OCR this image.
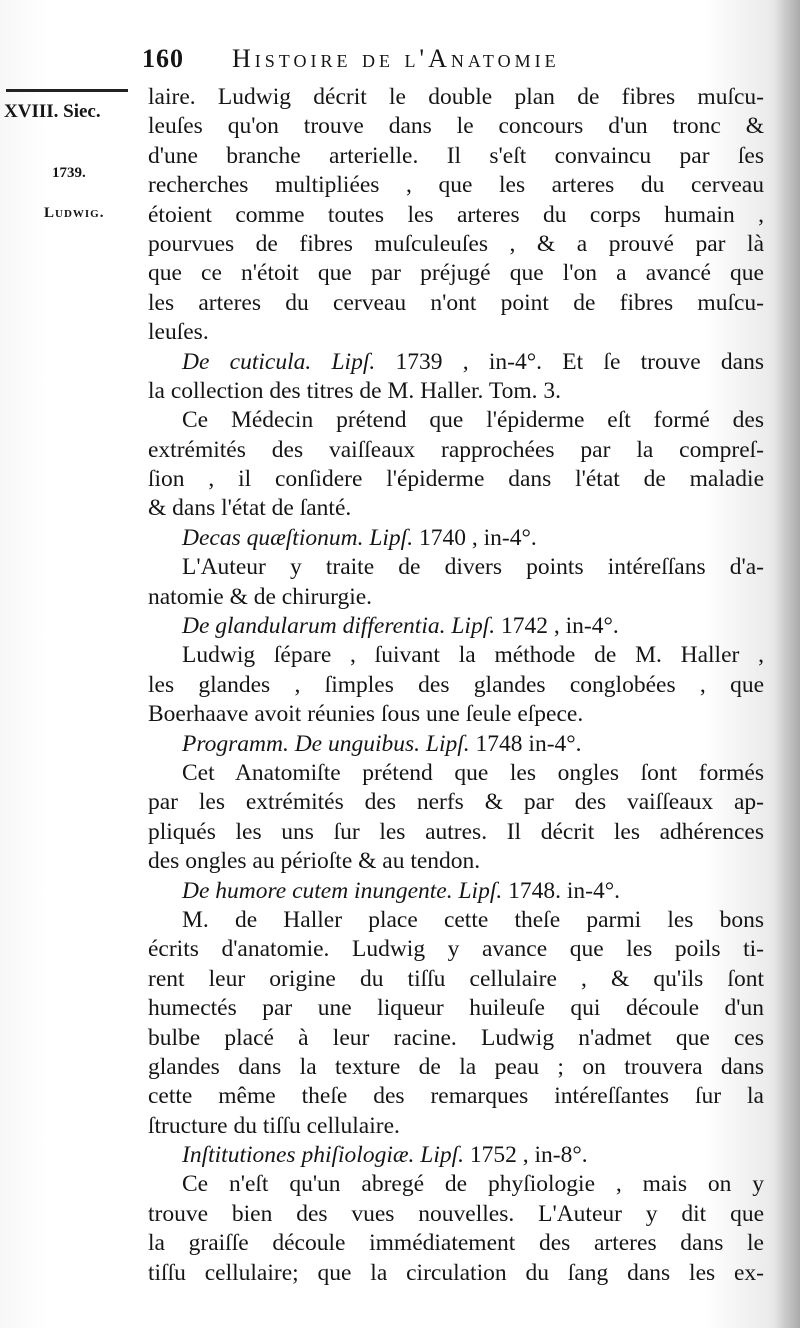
160 Histoire de l'Anatomie
XVIII. Siec.
1739.
Ludwig.
laire. Ludwig décrit le double plan de fibres muſcu-
leuſes qu'on trouve dans le concours d'un tronc &
d'une branche arterielle. Il s'eſt convaincu par ſes
recherches multipliées , que les arteres du cerveau
étoient comme toutes les arteres du corps humain ,
pourvues de fibres muſculeuſes , & a prouvé par là
que ce n'étoit que par préjugé que l'on a avancé que
les arteres du cerveau n'ont point de fibres muſcu-
leuſes.
De cuticula. Lipſ. 1739 , in-4°. Et ſe trouve dans
la collection des titres de M. Haller. Tom. 3.
Ce Médecin prétend que l'épiderme eſt formé des
extrémités des vaiſſeaux rapprochées par la compreſ-
ſion , il conſidere l'épiderme dans l'état de maladie
& dans l'état de ſanté.
Decas quæſtionum. Lipſ. 1740 , in-4°.
L'Auteur y traite de divers points intéreſſans d'a-
natomie & de chirurgie.
De glandularum differentia. Lipſ. 1742 , in-4°.
Ludwig ſépare , ſuivant la méthode de M. Haller ,
les glandes , ſimples des glandes conglobées , que
Boerhaave avoit réunies ſous une ſeule eſpece.
Programm. De unguibus. Lipſ. 1748 in-4°.
Cet Anatomiſte prétend que les ongles ſont formés
par les extrémités des nerfs & par des vaiſſeaux ap-
pliqués les uns ſur les autres. Il décrit les adhérences
des ongles au périoſte & au tendon.
De humore cutem inungente. Lipſ. 1748. in-4°.
M. de Haller place cette theſe parmi les bons
écrits d'anatomie. Ludwig y avance que les poils ti-
rent leur origine du tiſſu cellulaire , & qu'ils ſont
humectés par une liqueur huileuſe qui découle d'un
bulbe placé à leur racine. Ludwig n'admet que ces
glandes dans la texture de la peau ; on trouvera dans
cette même theſe des remarques intéreſſantes ſur la
ſtructure du tiſſu cellulaire.
Inſtitutiones phiſiologiæ. Lipſ. 1752 , in-8°.
Ce n'eſt qu'un abregé de phyſiologie , mais on y
trouve bien des vues nouvelles. L'Auteur y dit que
la graiſſe découle immédiatement des arteres dans le
tiſſu cellulaire; que la circulation du ſang dans les ex-
